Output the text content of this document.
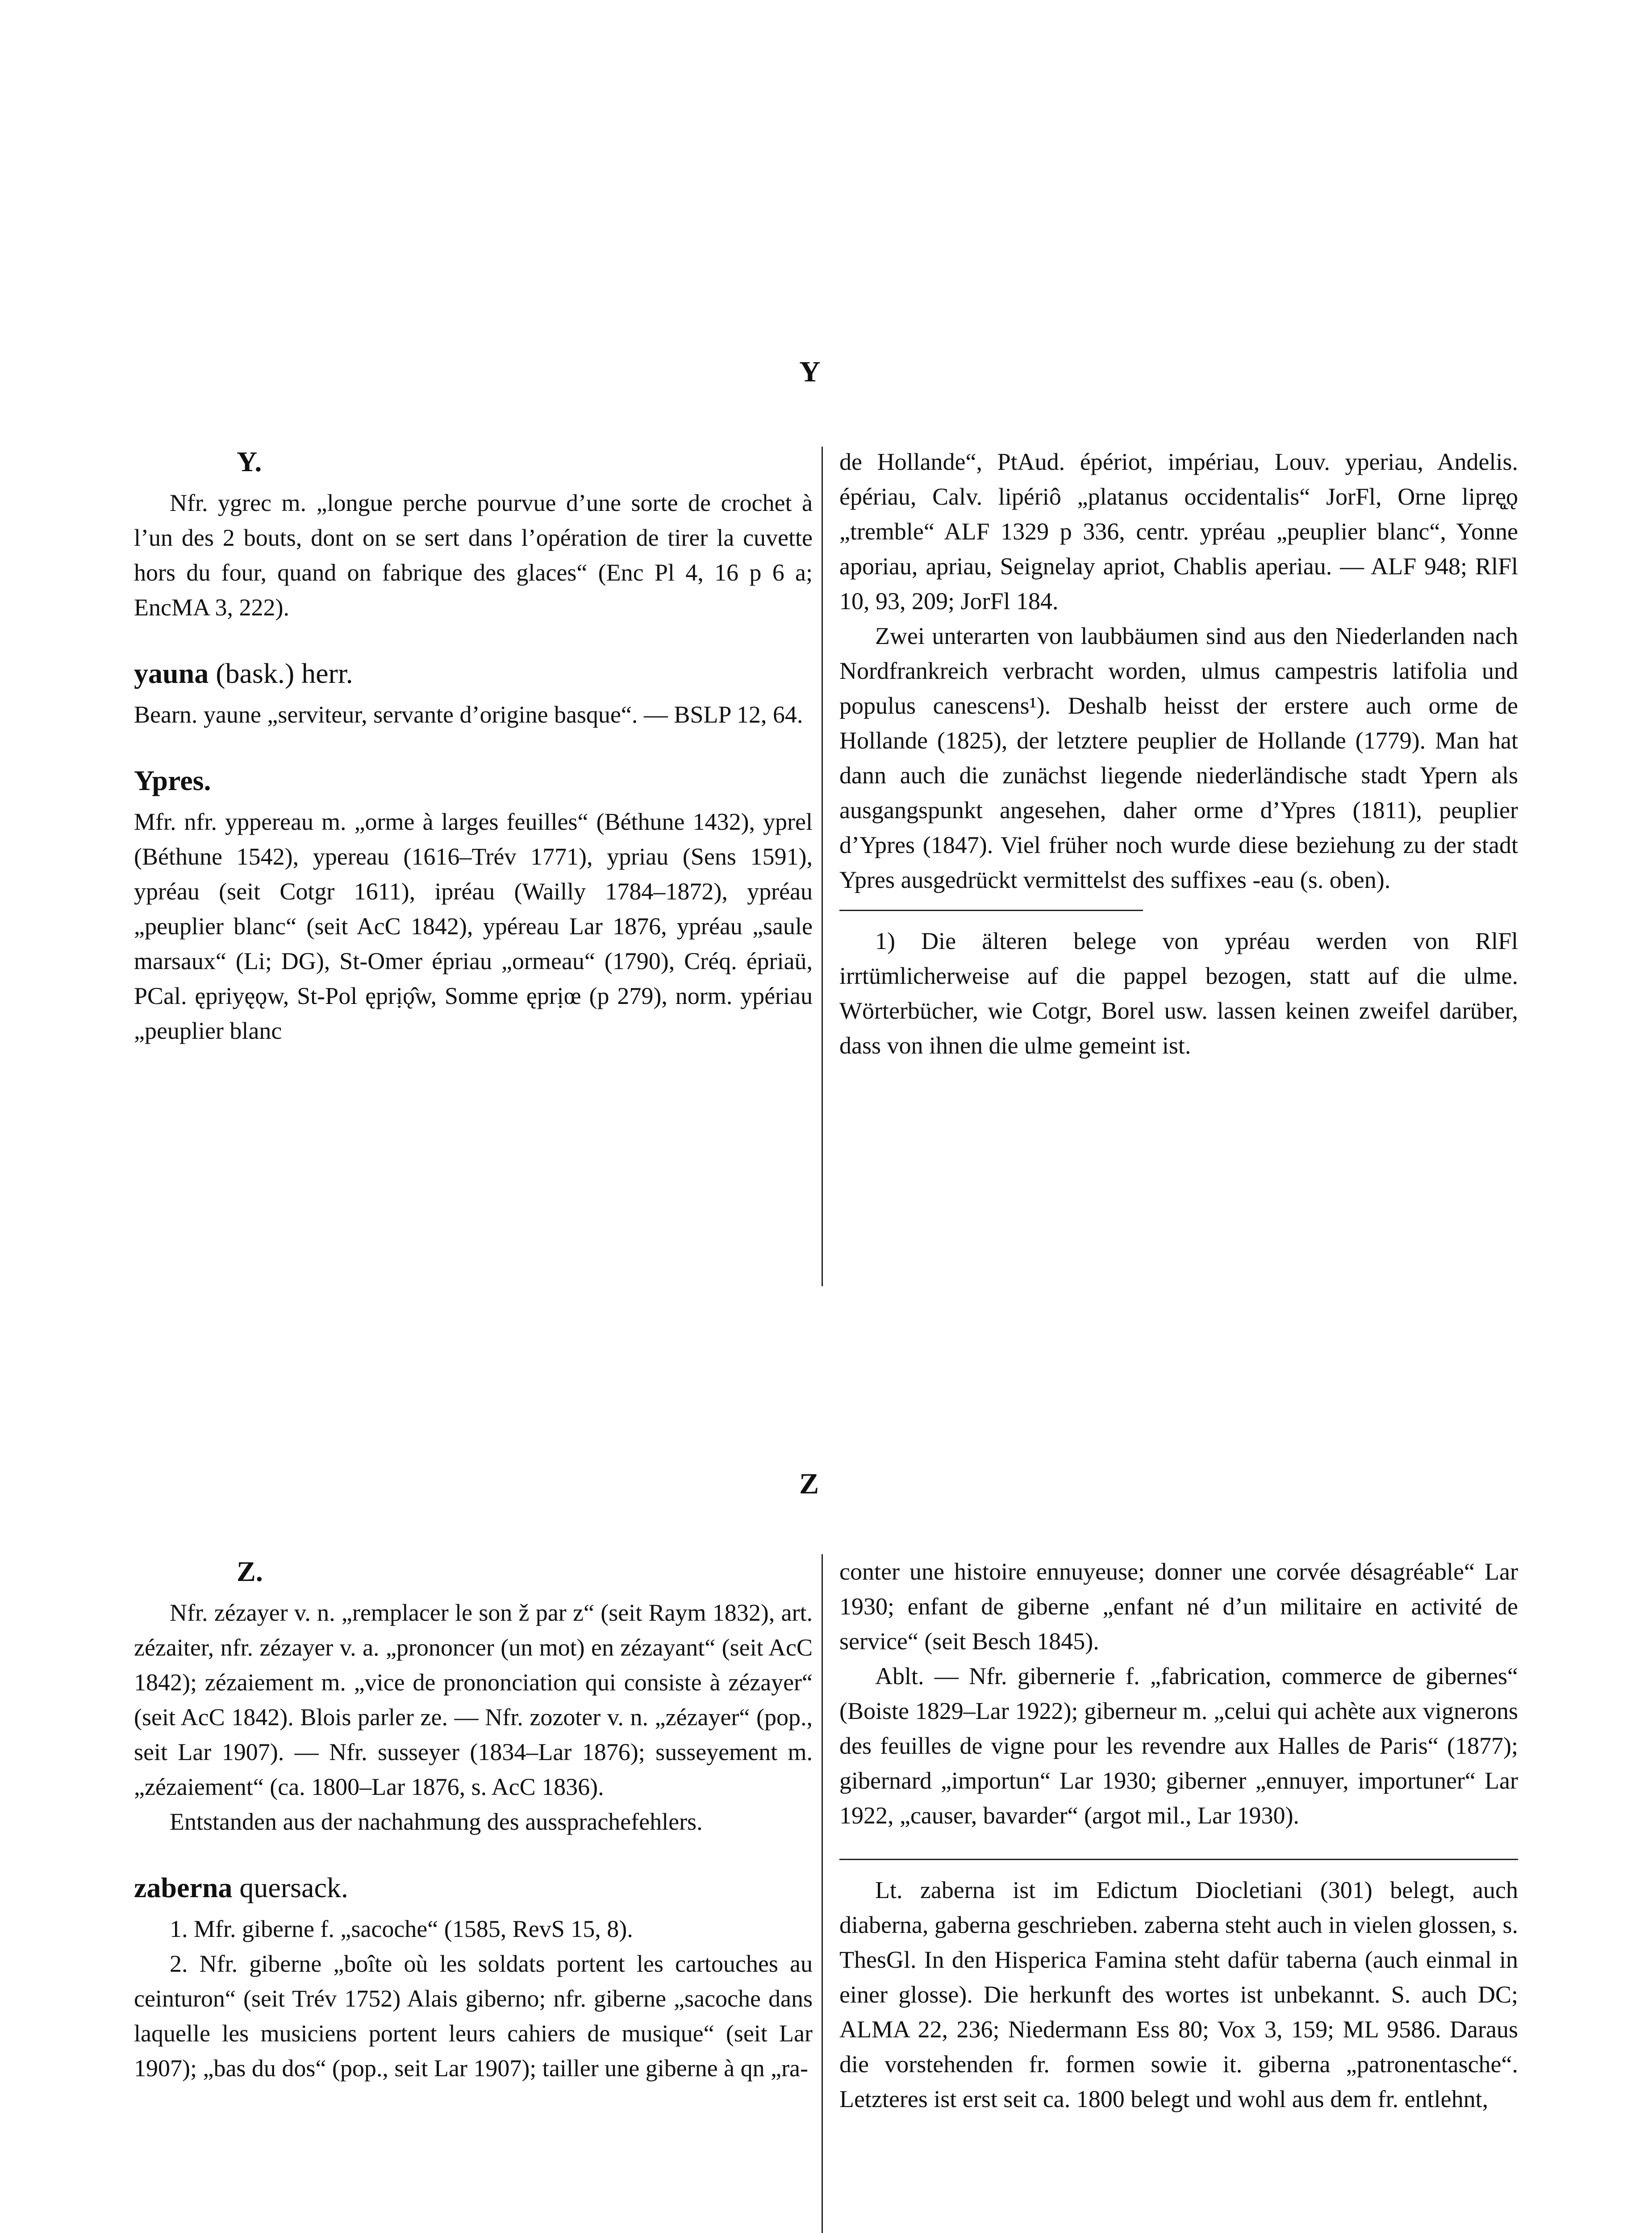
Y
Y.

Nfr. ygrec m. „longue perche pourvue d’une sorte de crochet à l’un des 2 bouts, dont on se sert dans l’opération de tirer la cuvette hors du four, quand on fabrique des glaces“ (Enc Pl 4, 16 p 6 a; EncMA 3, 222).

yauna (bask.) herr.

Bearn. yaune „serviteur, servante d’origine basque“. — BSLP 12, 64.

Ypres.

Mfr. nfr. yppereau m. „orme à larges feuilles“ (Béthune 1432), yprel (Béthune 1542), ypereau (1616–Trév 1771), ypriau (Sens 1591), ypréau (seit Cotgr 1611), ipréau (Wailly 1784–1872), ypréau „peuplier blanc“ (seit AcC 1842), ypéreau Lar 1876, ypréau „saule marsaux“ (Li; DG), St-Omer épriau „ormeau“ (1790), Créq. épriaü, PCal. ępriyęǫw, St-Pol ęprịǫ̂w, Somme ęprịœ (p 279), norm. ypériau „peuplier blanc

de Hollande“, PtAud. épériot, impériau, Louv. yperiau, Andelis. épériau, Calv. lipériô „platanus occidentalis“ JorFl, Orne liprę̨ǫ „tremble“ ALF 1329 p 336, centr. ypréau „peuplier blanc“, Yonne aporiau, apriau, Seignelay apriot, Chablis aperiau. — ALF 948; RlFl 10, 93, 209; JorFl 184.

Zwei unterarten von laubbäumen sind aus den Niederlanden nach Nordfrankreich verbracht worden, ulmus campestris latifolia und populus canescens¹). Deshalb heisst der erstere auch orme de Hollande (1825), der letztere peuplier de Hollande (1779). Man hat dann auch die zunächst liegende niederländische stadt Ypern als ausgangspunkt angesehen, daher orme d’Ypres (1811), peuplier d’Ypres (1847). Viel früher noch wurde diese beziehung zu der stadt Ypres ausgedrückt vermittelst des suffixes -eau (s. oben).

1) Die älteren belege von ypréau werden von RlFl irrtümlicherweise auf die pappel bezogen, statt auf die ulme. Wörterbücher, wie Cotgr, Borel usw. lassen keinen zweifel darüber, dass von ihnen die ulme gemeint ist.

Z
Z.

Nfr. zézayer v. n. „remplacer le son ž par z“ (seit Raym 1832), art. zézaiter, nfr. zézayer v. a. „prononcer (un mot) en zézayant“ (seit AcC 1842); zézaiement m. „vice de prononciation qui consiste à zézayer“ (seit AcC 1842). Blois parler ze. — Nfr. zozoter v. n. „zézayer“ (pop., seit Lar 1907). — Nfr. susseyer (1834–Lar 1876); susseyement m. „zézaiement“ (ca. 1800–Lar 1876, s. AcC 1836).

Entstanden aus der nachahmung des aussprachefehlers.

zaberna quersack.

1. Mfr. giberne f. „sacoche“ (1585, RevS 15, 8).

2. Nfr. giberne „boîte où les soldats portent les cartouches au ceinturon“ (seit Trév 1752) Alais giberno; nfr. giberne „sacoche dans laquelle les musiciens portent leurs cahiers de musique“ (seit Lar 1907); „bas du dos“ (pop., seit Lar 1907); tailler une giberne à qn „ra-

conter une histoire ennuyeuse; donner une corvée désagréable“ Lar 1930; enfant de giberne „enfant né d’un militaire en activité de service“ (seit Besch 1845).

Ablt. — Nfr. gibernerie f. „fabrication, commerce de gibernes“ (Boiste 1829–Lar 1922); giberneur m. „celui qui achète aux vignerons des feuilles de vigne pour les revendre aux Halles de Paris“ (1877); gibernard „importun“ Lar 1930; giberner „ennuyer, importuner“ Lar 1922, „causer, bavarder“ (argot mil., Lar 1930).

Lt. zaberna ist im Edictum Diocletiani (301) belegt, auch diaberna, gaberna geschrieben. zaberna steht auch in vielen glossen, s. ThesGl. In den Hisperica Famina steht dafür taberna (auch einmal in einer glosse). Die herkunft des wortes ist unbekannt. S. auch DC; ALMA 22, 236; Niedermann Ess 80; Vox 3, 159; ML 9586. Daraus die vorstehenden fr. formen sowie it. giberna „patronentasche“. Letzteres ist erst seit ca. 1800 belegt und wohl aus dem fr. entlehnt,
